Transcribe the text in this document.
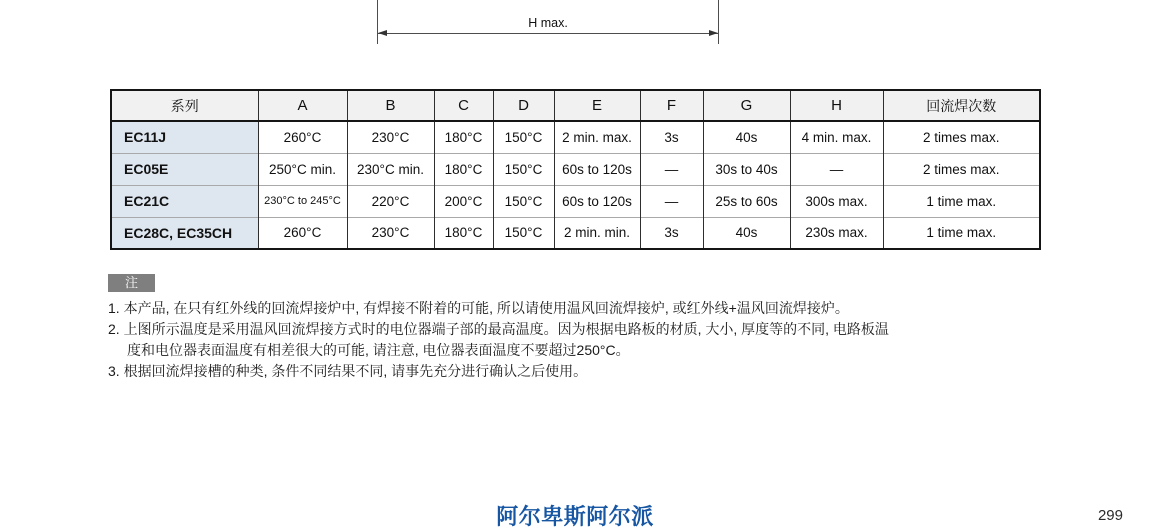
H max.
系列	A	B	C	D	E	F	G	H	回流焊次数
EC11J	260°C	230°C	180°C	150°C	2 min. max.	3s	40s	4 min. max.	2 times max.
EC05E	250°C min.	230°C min.	180°C	150°C	60s to 120s	—	30s to 40s	—	2 times max.
EC21C	230°C to 245°C	220°C	200°C	150°C	60s to 120s	—	25s to 60s	300s max.	1 time max.
EC28C, EC35CH	260°C	230°C	180°C	150°C	2 min. min.	3s	40s	230s max.	1 time max.
注
1. 本产品, 在只有红外线的回流焊接炉中, 有焊接不附着的可能, 所以请使用温风回流焊接炉, 或红外线+温风回流焊接炉。
2. 上图所示温度是采用温风回流焊接方式时的电位器端子部的最高温度。因为根据电路板的材质, 大小, 厚度等的不同, 电路板温
度和电位器表面温度有相差很大的可能, 请注意, 电位器表面温度不要超过250°C。
3. 根据回流焊接槽的种类, 条件不同结果不同, 请事先充分进行确认之后使用。
阿尔卑斯阿尔派	299
